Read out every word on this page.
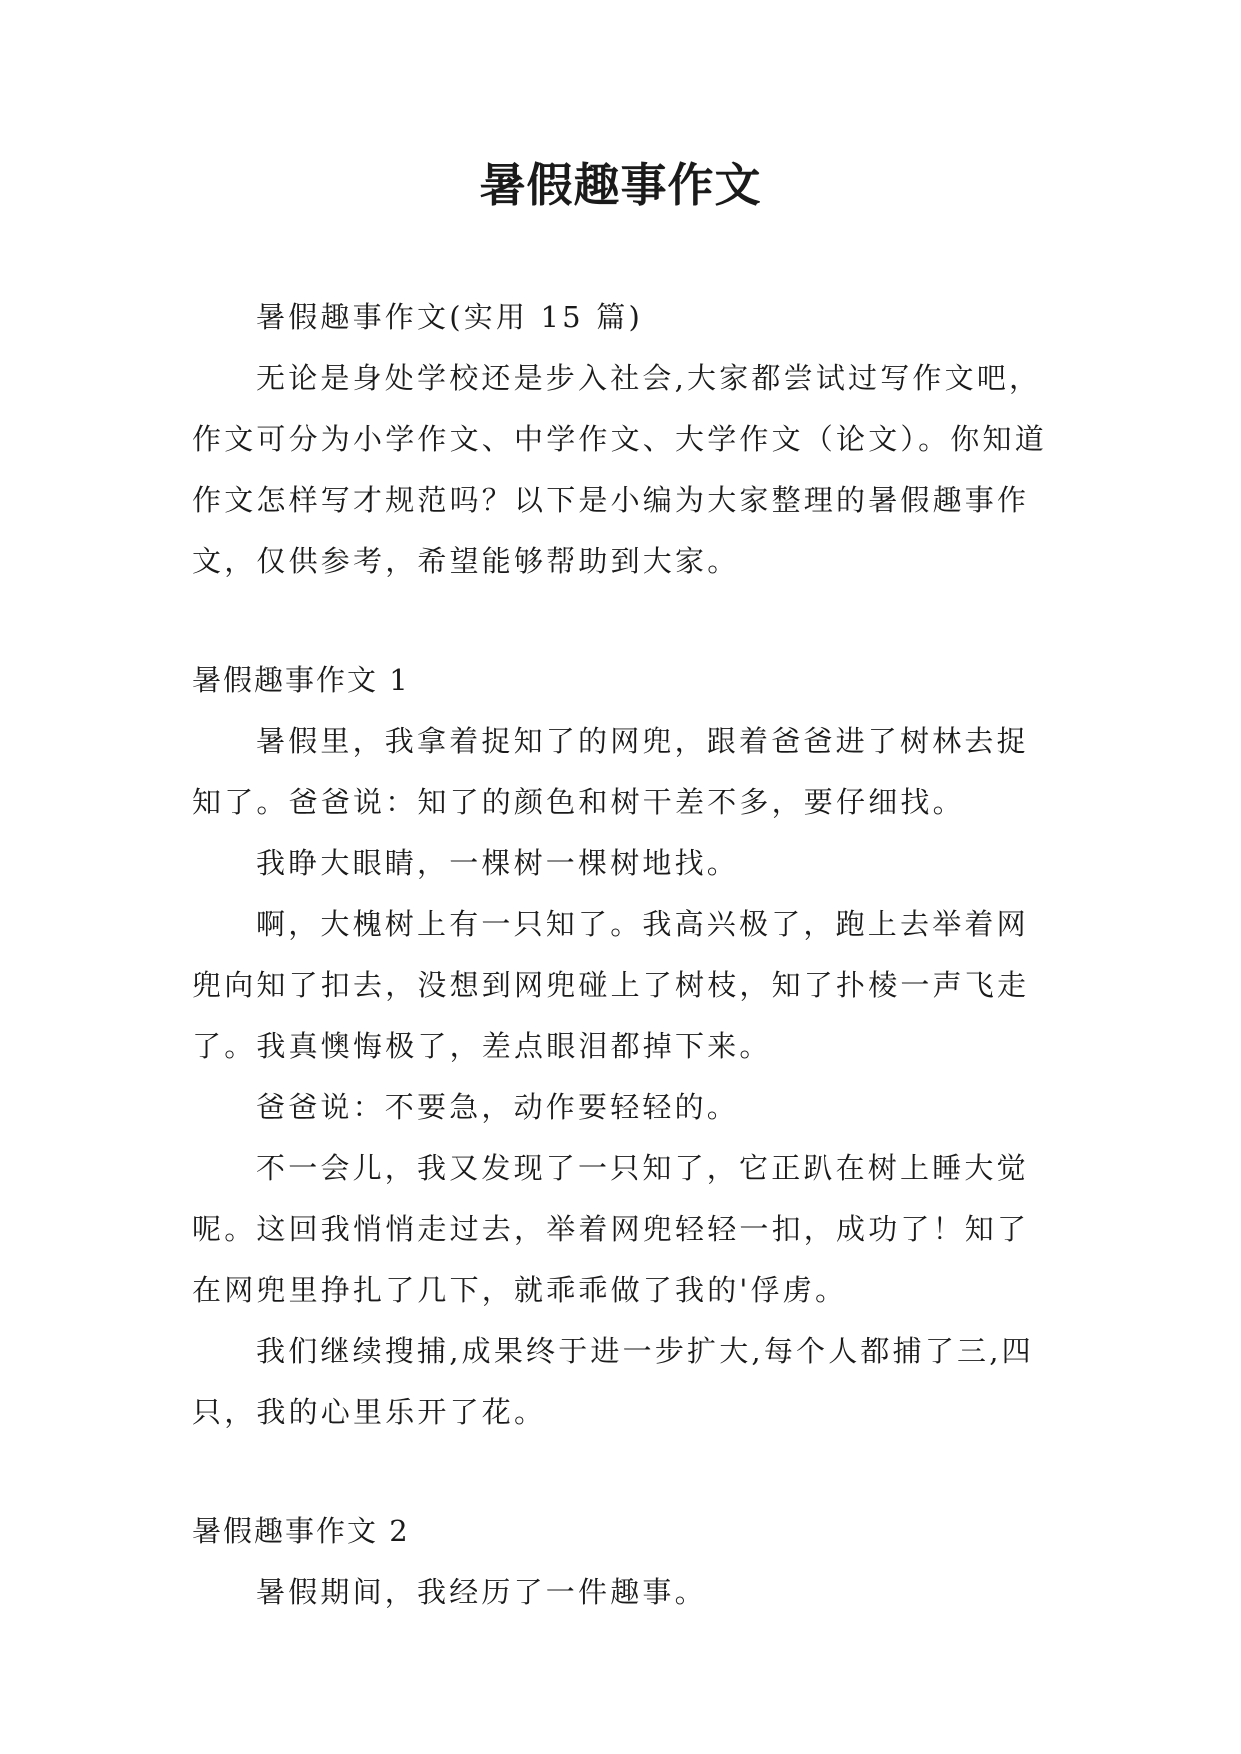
暑假趣事作文

暑假趣事作文(实用 15 篇)

无论是身处学校还是步入社会,大家都尝试过写作文吧，作文可分为小学作文、中学作文、大学作文（论文）。你知道作文怎样写才规范吗？以下是小编为大家整理的暑假趣事作文，仅供参考，希望能够帮助到大家。

暑假趣事作文 1

暑假里，我拿着捉知了的网兜，跟着爸爸进了树林去捉知了。爸爸说：知了的颜色和树干差不多，要仔细找。

我睁大眼睛，一棵树一棵树地找。

啊，大槐树上有一只知了。我高兴极了，跑上去举着网兜向知了扣去，没想到网兜碰上了树枝，知了扑棱一声飞走了。我真懊悔极了，差点眼泪都掉下来。

爸爸说：不要急，动作要轻轻的。

不一会儿，我又发现了一只知了，它正趴在树上睡大觉呢。这回我悄悄走过去，举着网兜轻轻一扣，成功了！知了在网兜里挣扎了几下，就乖乖做了我的'俘虏。

我们继续搜捕,成果终于进一步扩大,每个人都捕了三,四只，我的心里乐开了花。

暑假趣事作文 2

暑假期间，我经历了一件趣事。
